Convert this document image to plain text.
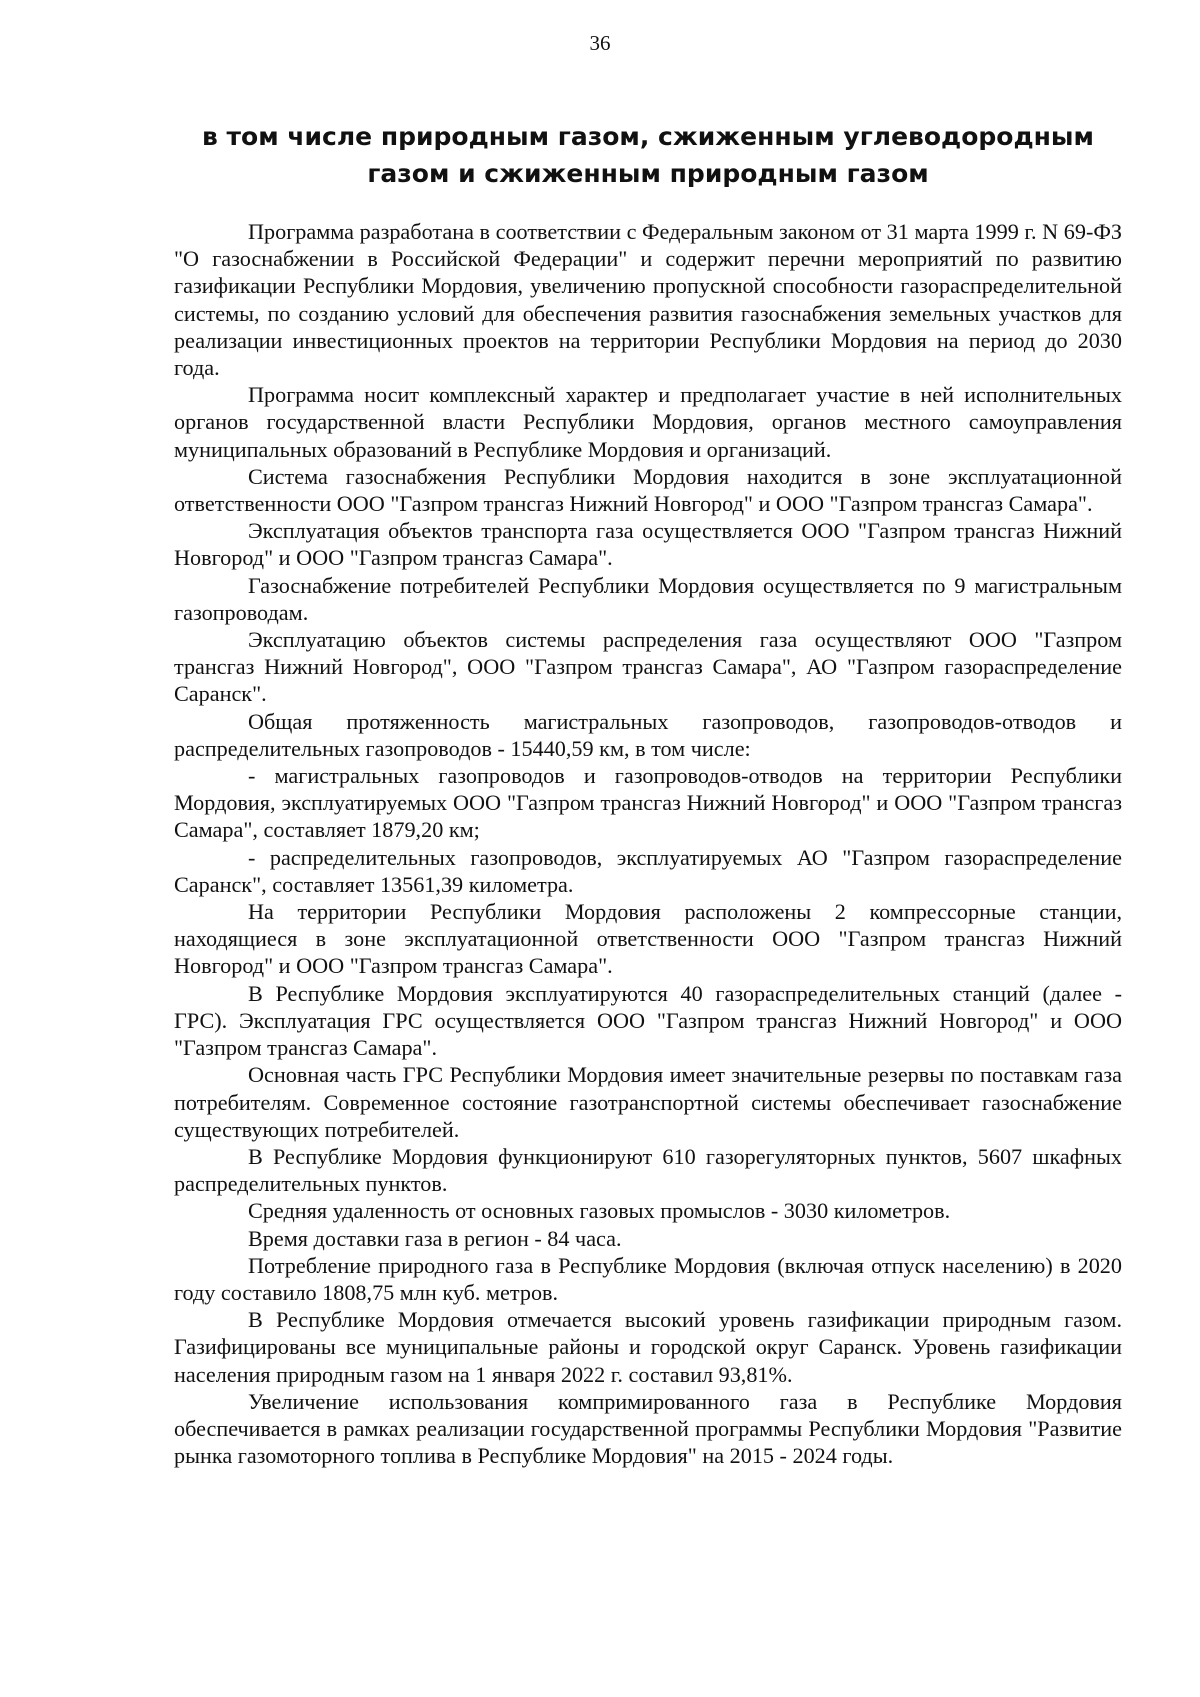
36
в том числе природным газом, сжиженным углеводородным газом и сжиженным природным газом

Программа разработана в соответствии с Федеральным законом от 31 марта 1999 г. N 69-ФЗ "О газоснабжении в Российской Федерации" и содержит перечни мероприятий по развитию газификации Республики Мордовия, увеличению пропускной способности газораспределительной системы, по созданию условий для обеспечения развития газоснабжения земельных участков для реализации инвестиционных проектов на территории Республики Мордовия на период до 2030 года.

Программа носит комплексный характер и предполагает участие в ней исполнительных органов государственной власти Республики Мордовия, органов местного самоуправления муниципальных образований в Республике Мордовия и организаций.

Система газоснабжения Республики Мордовия находится в зоне эксплуатационной ответственности ООО "Газпром трансгаз Нижний Новгород" и ООО "Газпром трансгаз Самара".

Эксплуатация объектов транспорта газа осуществляется ООО "Газпром трансгаз Нижний Новгород" и ООО "Газпром трансгаз Самара".

Газоснабжение потребителей Республики Мордовия осуществляется по 9 магистральным газопроводам.

Эксплуатацию объектов системы распределения газа осуществляют ООО "Газпром трансгаз Нижний Новгород", ООО "Газпром трансгаз Самара", АО "Газпром газораспределение Саранск".

Общая протяженность магистральных газопроводов, газопроводов-отводов и распределительных газопроводов - 15440,59 км, в том числе:

- магистральных газопроводов и газопроводов-отводов на территории Республики Мордовия, эксплуатируемых ООО "Газпром трансгаз Нижний Новгород" и ООО "Газпром трансгаз Самара", составляет 1879,20 км;

- распределительных газопроводов, эксплуатируемых АО "Газпром газораспределение Саранск", составляет 13561,39 километра.

На территории Республики Мордовия расположены 2 компрессорные станции, находящиеся в зоне эксплуатационной ответственности ООО "Газпром трансгаз Нижний Новгород" и ООО "Газпром трансгаз Самара".

В Республике Мордовия эксплуатируются 40 газораспределительных станций (далее - ГРС). Эксплуатация ГРС осуществляется ООО "Газпром трансгаз Нижний Новгород" и ООО "Газпром трансгаз Самара".

Основная часть ГРС Республики Мордовия имеет значительные резервы по поставкам газа потребителям. Современное состояние газотранспортной системы обеспечивает газоснабжение существующих потребителей.

В Республике Мордовия функционируют 610 газорегуляторных пунктов, 5607 шкафных распределительных пунктов.

Средняя удаленность от основных газовых промыслов - 3030 километров.

Время доставки газа в регион - 84 часа.

Потребление природного газа в Республике Мордовия (включая отпуск населению) в 2020 году составило 1808,75 млн куб. метров.

В Республике Мордовия отмечается высокий уровень газификации природным газом. Газифицированы все муниципальные районы и городской округ Саранск. Уровень газификации населения природным газом на 1 января 2022 г. составил 93,81%.

Увеличение использования компримированного газа в Республике Мордовия обеспечивается в рамках реализации государственной программы Республики Мордовия "Развитие рынка газомоторного топлива в Республике Мордовия" на 2015 - 2024 годы.
